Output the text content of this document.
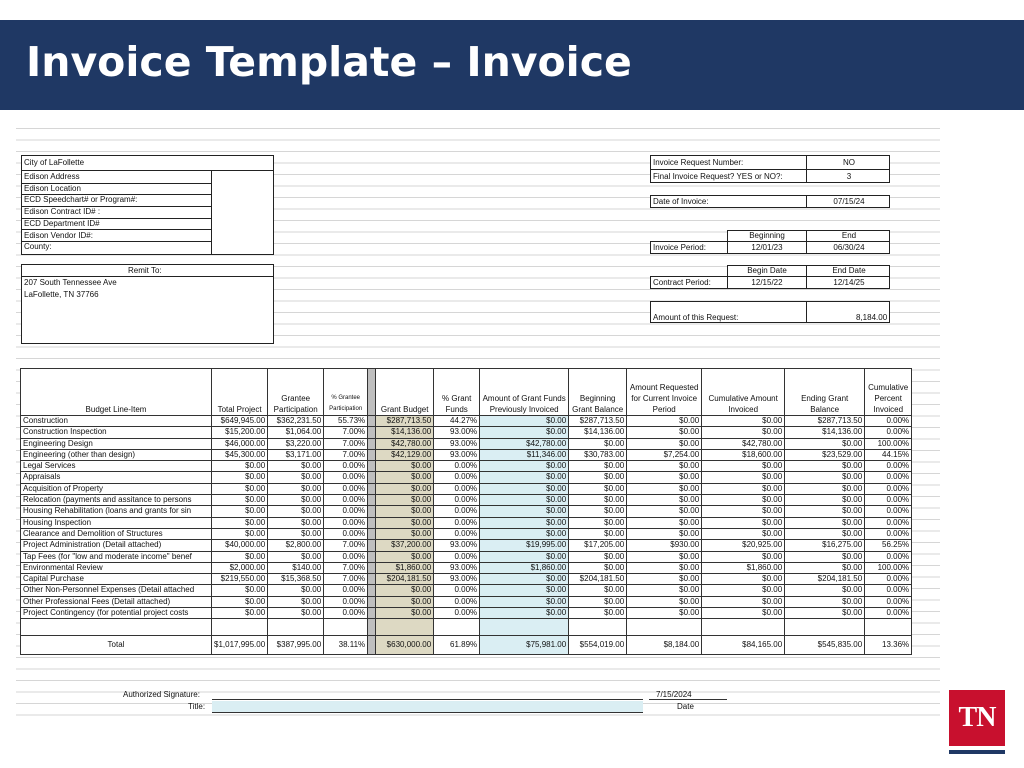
Invoice Template – Invoice
City of LaFollette
Edison Address
Edison Location
ECD Speedchart# or Program#:
Edison Contract ID# :
ECD Department ID#
Edison Vendor ID#:
County:
Remit To:
207 South Tennessee Ave
LaFollette, TN 37766
Invoice Request Number:	NO
Final Invoice Request? YES or NO?:	3
Date of Invoice:	07/15/24
Beginning	End
Invoice Period:	12/01/23	06/30/24
Begin Date	End Date
Contract Period:	12/15/22	12/14/25
Amount of this Request:	8,184.00
Budget Line-Item	Total Project	Grantee Participation	% Grantee Participation		Grant Budget	% Grant Funds	Amount of Grant Funds Previously Invoiced	Beginning Grant Balance	Amount Requested for Current Invoice Period	Cumulative Amount Invoiced	Ending Grant Balance	Cumulative Percent Invoiced
Construction	$649,945.00	$362,231.50	55.73%		$287,713.50	44.27%	$0.00	$287,713.50	$0.00	$0.00	$287,713.50	0.00%
Construction Inspection	$15,200.00	$1,064.00	7.00%		$14,136.00	93.00%	$0.00	$14,136.00	$0.00	$0.00	$14,136.00	0.00%
Engineering Design	$46,000.00	$3,220.00	7.00%		$42,780.00	93.00%	$42,780.00	$0.00	$0.00	$42,780.00	$0.00	100.00%
Engineering (other than design)	$45,300.00	$3,171.00	7.00%		$42,129.00	93.00%	$11,346.00	$30,783.00	$7,254.00	$18,600.00	$23,529.00	44.15%
Legal Services	$0.00	$0.00	0.00%		$0.00	0.00%	$0.00	$0.00	$0.00	$0.00	$0.00	0.00%
Appraisals	$0.00	$0.00	0.00%		$0.00	0.00%	$0.00	$0.00	$0.00	$0.00	$0.00	0.00%
Acquisition of Property	$0.00	$0.00	0.00%		$0.00	0.00%	$0.00	$0.00	$0.00	$0.00	$0.00	0.00%
Relocation (payments and assitance to persons	$0.00	$0.00	0.00%		$0.00	0.00%	$0.00	$0.00	$0.00	$0.00	$0.00	0.00%
Housing Rehabilitation (loans and grants for sin	$0.00	$0.00	0.00%		$0.00	0.00%	$0.00	$0.00	$0.00	$0.00	$0.00	0.00%
Housing Inspection	$0.00	$0.00	0.00%		$0.00	0.00%	$0.00	$0.00	$0.00	$0.00	$0.00	0.00%
Clearance and Demolition of Structures	$0.00	$0.00	0.00%		$0.00	0.00%	$0.00	$0.00	$0.00	$0.00	$0.00	0.00%
Project Administration (Detail attached)	$40,000.00	$2,800.00	7.00%		$37,200.00	93.00%	$19,995.00	$17,205.00	$930.00	$20,925.00	$16,275.00	56.25%
Tap Fees (for "low and moderate income" benef	$0.00	$0.00	0.00%		$0.00	0.00%	$0.00	$0.00	$0.00	$0.00	$0.00	0.00%
Environmental Review	$2,000.00	$140.00	7.00%		$1,860.00	93.00%	$1,860.00	$0.00	$0.00	$1,860.00	$0.00	100.00%
Capital Purchase	$219,550.00	$15,368.50	7.00%		$204,181.50	93.00%	$0.00	$204,181.50	$0.00	$0.00	$204,181.50	0.00%
Other Non-Personnel Expenses (Detail attached	$0.00	$0.00	0.00%		$0.00	0.00%	$0.00	$0.00	$0.00	$0.00	$0.00	0.00%
Other Professional Fees (Detail attached)	$0.00	$0.00	0.00%		$0.00	0.00%	$0.00	$0.00	$0.00	$0.00	$0.00	0.00%
Project Contingency (for potential project costs	$0.00	$0.00	0.00%		$0.00	0.00%	$0.00	$0.00	$0.00	$0.00	$0.00	0.00%

Total	$1,017,995.00	$387,995.00	38.11%		$630,000.00	61.89%	$75,981.00	$554,019.00	$8,184.00	$84,165.00	$545,835.00	13.36%
Authorized Signature:
Title:
7/15/2024
Date	TN
